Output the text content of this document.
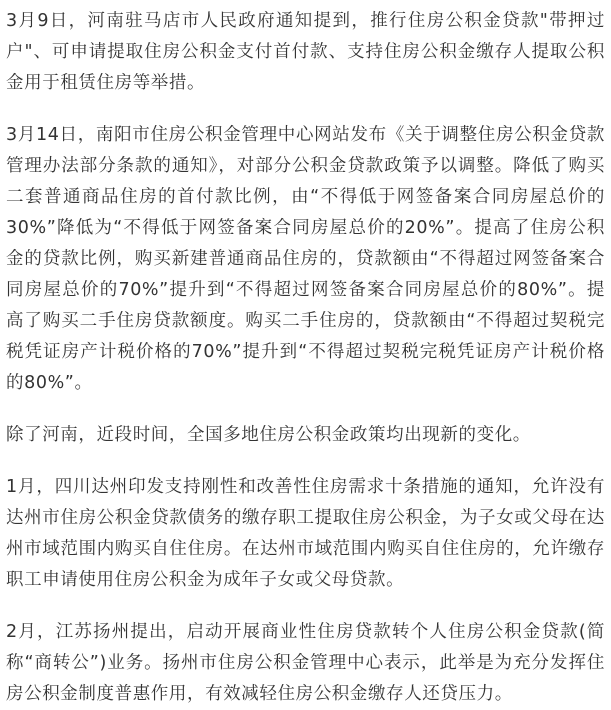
3月9日，河南驻马店市人民政府通知提到，推行住房公积金贷款"带押过户"、可申请提取住房公积金支付首付款、支持住房公积金缴存人提取公积金用于租赁住房等举措。

3月14日，南阳市住房公积金管理中心网站发布《关于调整住房公积金贷款管理办法部分条款的通知》，对部分公积金贷款政策予以调整。降低了购买二套普通商品住房的首付款比例，由“不得低于网签备案合同房屋总价的30%”降低为“不得低于网签备案合同房屋总价的20%”。提高了住房公积金的贷款比例，购买新建普通商品住房的，贷款额由“不得超过网签备案合同房屋总价的70%”提升到“不得超过网签备案合同房屋总价的80%”。提高了购买二手住房贷款额度。购买二手住房的，贷款额由“不得超过契税完税凭证房产计税价格的70%”提升到“不得超过契税完税凭证房产计税价格的80%”。

除了河南，近段时间，全国多地住房公积金政策均出现新的变化。

1月，四川达州印发支持刚性和改善性住房需求十条措施的通知，允许没有达州市住房公积金贷款债务的缴存职工提取住房公积金，为子女或父母在达州市域范围内购买自住住房。在达州市域范围内购买自住住房的，允许缴存职工申请使用住房公积金为成年子女或父母贷款。

2月，江苏扬州提出，启动开展商业性住房贷款转个人住房公积金贷款(简称“商转公”)业务。扬州市住房公积金管理中心表示，此举是为充分发挥住房公积金制度普惠作用，有效减轻住房公积金缴存人还贷压力。
